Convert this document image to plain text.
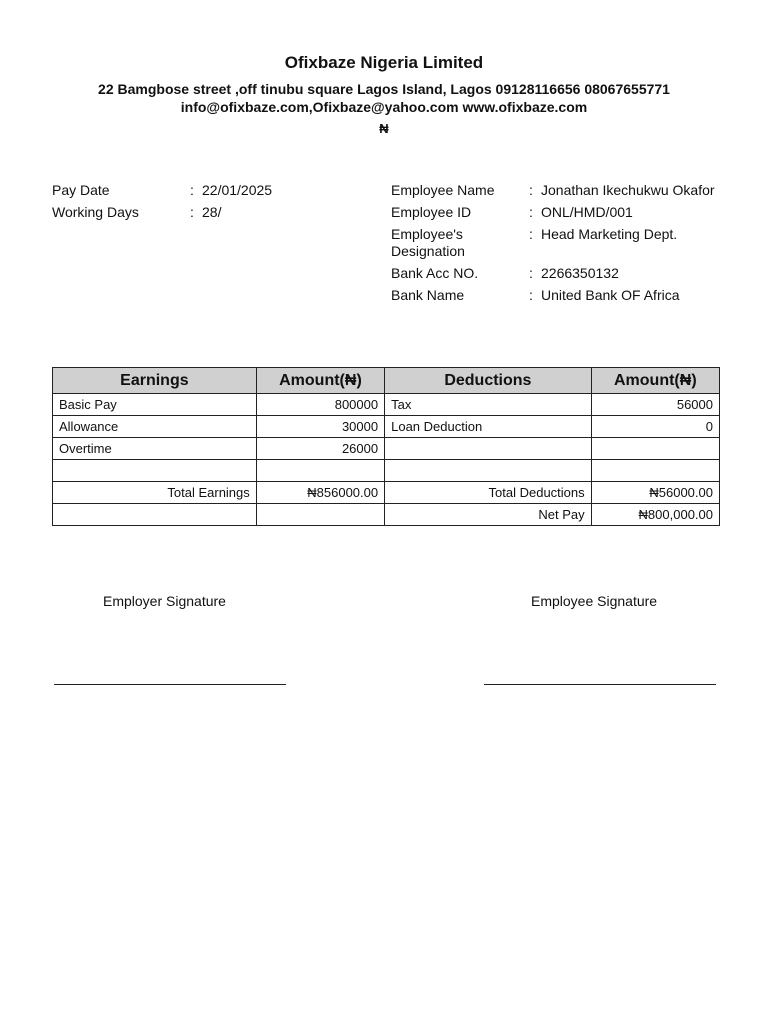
Ofixbaze Nigeria Limited
22 Bamgbose street ,off tinubu square Lagos Island, Lagos 09128116656 08067655771
info@ofixbaze.com,Ofixbaze@yahoo.com www.ofixbaze.com
₦
Pay Date	: 22/01/2025
Working Days	: 28/
Employee Name	: Jonathan Ikechukwu Okafor
Employee ID	: ONL/HMD/001
Employee's Designation
: Head Marketing Dept.
Bank Acc NO.	: 2266350132
Bank Name	: United Bank OF Africa
Earnings	Amount(₦)	Deductions	Amount(₦)
Basic Pay	800000	Tax	56000
Allowance	30000	Loan Deduction	0
Overtime	26000		

Total Earnings	₦856000.00	Total Deductions	₦56000.00
		Net Pay	₦800,000.00
Employer Signature	Employee Signature
